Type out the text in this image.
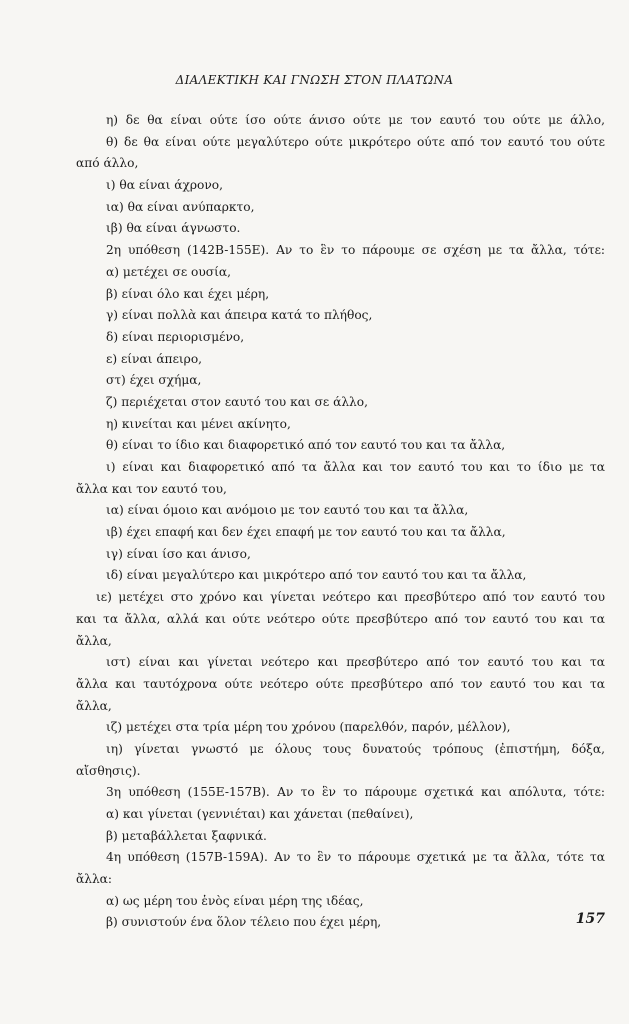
ΔΙΑΛΕΚΤΙΚΗ ΚΑΙ ΓΝΩΣΗ ΣΤΟΝ ΠΛΑΤΩΝΑ
η) δε θα είναι ούτε ίσο ούτε άνισο ούτε με τον εαυτό του ούτε με άλλο,
θ) δε θα είναι ούτε μεγαλύτερο ούτε μικρότερο ούτε από τον εαυτό του ούτε
από άλλο,
ι) θα είναι άχρονο,
ια) θα είναι ανύπαρκτο,
ιβ) θα είναι άγνωστο.
2η υπόθεση (142B-155E). Αν το ἓν το πάρουμε σε σχέση με τα ἄλλα, τότε:
α) μετέχει σε ουσία,
β) είναι όλο και έχει μέρη,
γ) είναι πολλὰ και άπειρα κατά το πλήθος,
δ) είναι περιορισμένο,
ε) είναι άπειρο,
στ) έχει σχήμα,
ζ) περιέχεται στον εαυτό του και σε άλλο,
η) κινείται και μένει ακίνητο,
θ) είναι το ίδιο και διαφορετικό από τον εαυτό του και τα ἄλλα,
ι) είναι και διαφορετικό από τα ἄλλα και τον εαυτό του και το ίδιο με τα
ἄλλα και τον εαυτό του,
ια) είναι όμοιο και ανόμοιο με τον εαυτό του και τα ἄλλα,
ιβ) έχει επαφή και δεν έχει επαφή με τον εαυτό του και τα ἄλλα,
ιγ) είναι ίσο και άνισο,
ιδ) είναι μεγαλύτερο και μικρότερο από τον εαυτό του και τα ἄλλα,
ιε) μετέχει στο χρόνο και γίνεται νεότερο και πρεσβύτερο από τον εαυτό του
και τα ἄλλα, αλλά και ούτε νεότερο ούτε πρεσβύτερο από τον εαυτό του και τα
ἄλλα,
ιστ) είναι και γίνεται νεότερο και πρεσβύτερο από τον εαυτό του και τα
ἄλλα και ταυτόχρονα ούτε νεότερο ούτε πρεσβύτερο από τον εαυτό του και τα
ἄλλα,
ιζ) μετέχει στα τρία μέρη του χρόνου (παρελθόν, παρόν, μέλλον),
ιη) γίνεται γνωστό με όλους τους δυνατούς τρόπους (ἐπιστήμη, δόξα,
αἴσθησις).
3η υπόθεση (155E-157B). Αν το ἓν το πάρουμε σχετικά και απόλυτα, τότε:
α) και γίνεται (γεννιέται) και χάνεται (πεθαίνει),
β) μεταβάλλεται ξαφνικά.
4η υπόθεση (157B-159A). Αν το ἓν το πάρουμε σχετικά με τα ἄλλα, τότε τα
ἄλλα:
α) ως μέρη του ἑνὸς είναι μέρη της ιδέας,
β) συνιστούν ένα ὅλον τέλειο που έχει μέρη,	157
